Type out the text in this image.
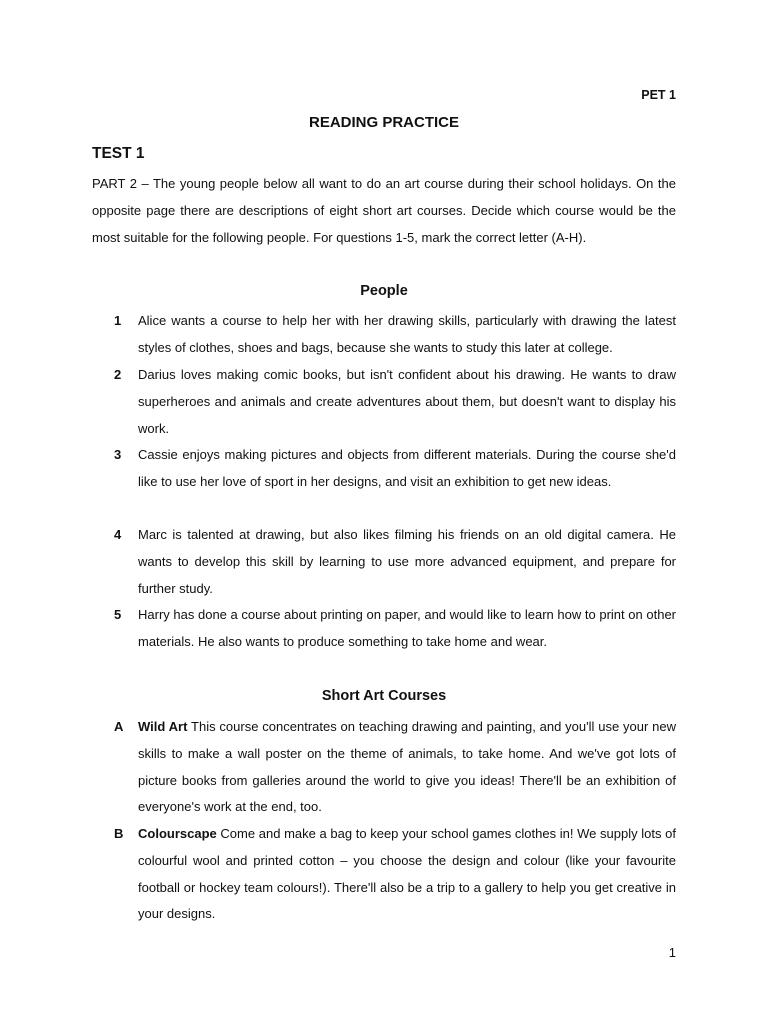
PET 1
READING PRACTICE
TEST 1
PART 2 – The young people below all want to do an art course during their school holidays. On the opposite page there are descriptions of eight short art courses. Decide which course would be the most suitable for the following people. For questions 1-5, mark the correct letter (A-H).
People
1	Alice wants a course to help her with her drawing skills, particularly with drawing the latest styles of clothes, shoes and bags, because she wants to study this later at college.
2	Darius loves making comic books, but isn't confident about his drawing. He wants to draw superheroes and animals and create adventures about them, but doesn't want to display his work.
3	Cassie enjoys making pictures and objects from different materials. During the course she'd like to use her love of sport in her designs, and visit an exhibition to get new ideas.
4	Marc is talented at drawing, but also likes filming his friends on an old digital camera. He wants to develop this skill by learning to use more advanced equipment, and prepare for further study.
5	Harry has done a course about printing on paper, and would like to learn how to print on other materials. He also wants to produce something to take home and wear.
Short Art Courses
A	Wild Art This course concentrates on teaching drawing and painting, and you'll use your new skills to make a wall poster on the theme of animals, to take home. And we've got lots of picture books from galleries around the world to give you ideas! There'll be an exhibition of everyone's work at the end, too.
B	Colourscape Come and make a bag to keep your school games clothes in! We supply lots of colourful wool and printed cotton – you choose the design and colour (like your favourite football or hockey team colours!). There'll also be a trip to a gallery to help you get creative in your designs.
1
